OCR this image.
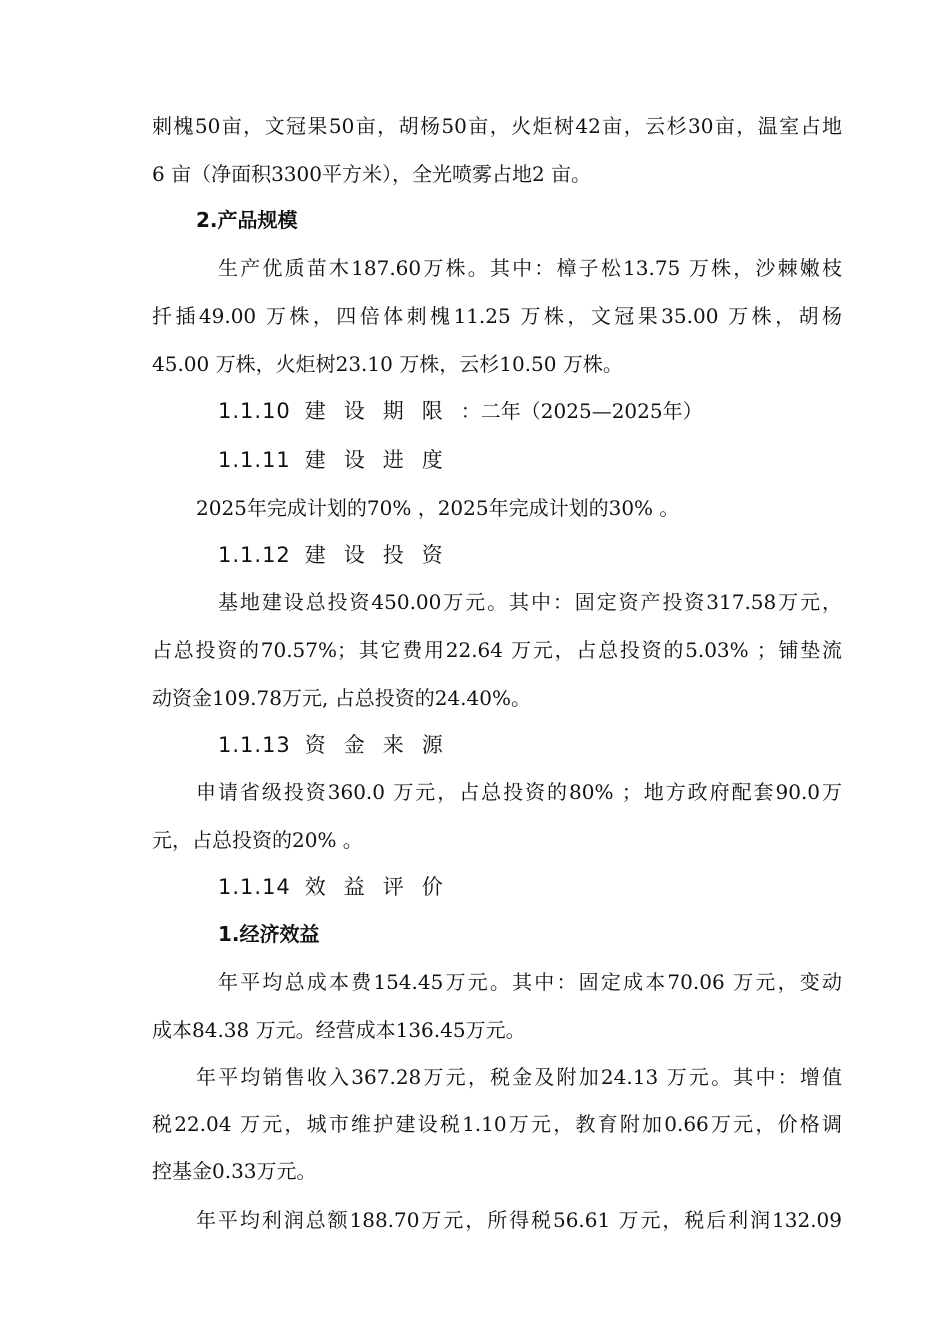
刺槐50亩，文冠果50亩，胡杨50亩，火炬树42亩，云杉30亩，温室占地
6 亩（净面积3300平方米），全光喷雾占地2 亩。
2.产品规模
生产优质苗木187.60万株。其中：樟子松13.75 万株，沙棘嫩枝
扦插49.00 万株，四倍体刺槐11.25 万株，文冠果35.00 万株，胡杨
45.00 万株，火炬树23.10 万株，云杉10.50 万株。
1.1.10 建设期限：二年（2025—2025年）
1.1.11 建设进度
2025年完成计划的70% ，2025年完成计划的30% 。
1.1.12 建设投资
基地建设总投资450.00万元。其中：固定资产投资317.58万元，
占总投资的70.57%；其它费用22.64 万元，占总投资的5.03% ；铺垫流
动资金109.78万元, 占总投资的24.40%。
1.1.13 资金来源
申请省级投资360.0 万元，占总投资的80% ；地方政府配套90.0万
元，占总投资的20% 。
1.1.14 效益评价
1.经济效益
年平均总成本费154.45万元。其中：固定成本70.06 万元，变动
成本84.38 万元。经营成本136.45万元。
年平均销售收入367.28万元，税金及附加24.13 万元。其中：增值
税22.04 万元，城市维护建设税1.10万元，教育附加0.66万元，价格调
控基金0.33万元。
年平均利润总额188.70万元，所得税56.61 万元，税后利润132.09
